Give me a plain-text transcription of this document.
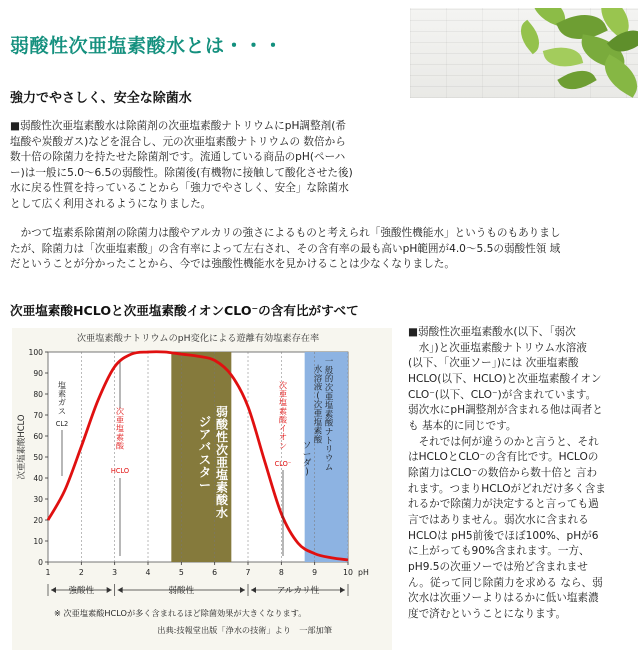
弱酸性次亜塩素酸水とは・・・
強力でやさしく、安全な除菌水
■弱酸性次亜塩素酸水は除菌剤の次亜塩素酸ナトリウムにpH調整剤(希
塩酸や炭酸ガス)などを混合し、元の次亜塩素酸ナトリウムの 数倍から
数十倍の除菌力を持たせた除菌剤です。流通している商品のpH(ペーハ
ー)は一般に5.0〜6.5の弱酸性。除菌後(有機物に接触して酸化させた後)
水に戻る性質を持っていることから「強力でやさしく、安全」な除菌水
として広く利用されるようになりました。
　かつて塩素系除菌剤の除菌力は酸やアルカリの強さによるものと考えられ「強酸性機能水」というものもありまし
たが、除菌力は「次亜塩素酸」の含有率によって左右され、その含有率の最も高いpH範囲が4.0〜5.5の弱酸性領 域
だということが分かったことから、今では強酸性機能水を見かけることは少なくなりました。
次亜塩素酸HCLOと次亜塩素酸イオンCLO⁻の含有比がすべて
次亜塩素酸ナトリウムのpH変化による遊離有効塩素存在率
0
10
20
30
40
50
60
70
80
90
100
1	2	3	4	5	6	7	8	9	10 pH
次亜塩素酸HCLO
塩素ガス
CL2
次亜塩素酸
HCLO
弱酸性次亜塩素酸水
ジアバスター
次亜塩素酸イオン
CLO⁻
一般的次亜塩素酸ナトリウム
水溶液(次亜塩素酸
ソーダ)
強酸性	弱酸性	アルカリ性
※ 次亜塩素酸HCLOが多く含まれるほど除菌効果が大きくなります。
出典:技報堂出版「浄水の技術」より　一部加筆
■弱酸性次亜塩素酸水(以下、「弱次
　水」)と次亜塩素酸ナトリウム水溶液
(以下、「次亜ソー」)には 次亜塩素酸
HCLO(以下、HCLO)と次亜塩素酸イオン
CLO⁻(以下、CLO⁻)が含まれています。
弱次水にpH調整剤が含まれる他は両者と
も 基本的に同じです。
　それでは何が違うのかと言うと、それ
はHCLOとCLO⁻の含有比です。HCLOの
除菌力はCLO⁻の数倍から数十倍と 言わ
れます。つまりHCLOがどれだけ多く含ま
れるかで除菌力が決定すると言っても過
言ではありません。弱次水に含まれる
HCLOは pH5前後でほぼ100%、pHが6
に上がっても90%含まれます。一方、
pH9.5の次亜ソーでは殆ど含まれませ
ん。従って同じ除菌力を求める なら、弱
次水は次亜ソーよりはるかに低い塩素濃
度で済むということになります。
